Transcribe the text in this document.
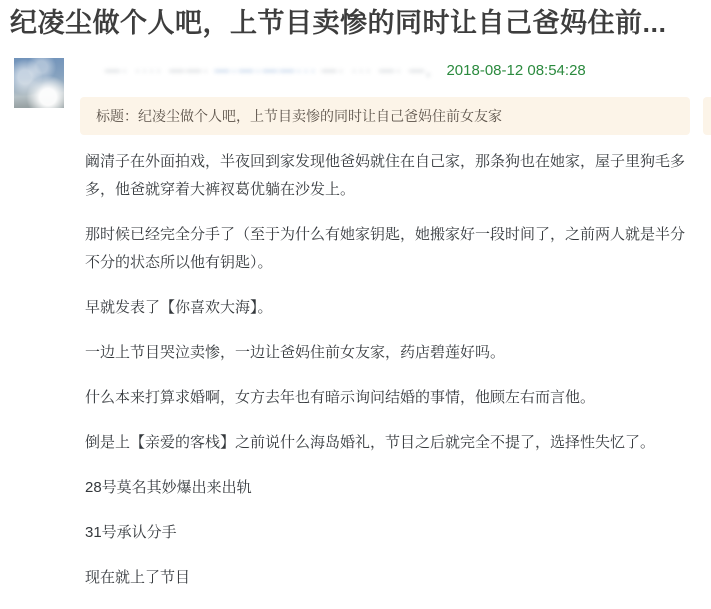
纪凌尘做个人吧，上节目卖惨的同时让自己爸妈住前...
—· ···· ——· —·—·——··· —· ··· —· —, 2018-08-12 08:54:28
标题：纪凌尘做个人吧，上节目卖惨的同时让自己爸妈住前女友家

阚清子在外面拍戏，半夜回到家发现他爸妈就住在自己家，那条狗也在她家，屋子里狗毛多多，他爸就穿着大裤衩葛优躺在沙发上。

那时候已经完全分手了（至于为什么有她家钥匙，她搬家好一段时间了，之前两人就是半分不分的状态所以他有钥匙）。

早就发表了【你喜欢大海】。

一边上节目哭泣卖惨，一边让爸妈住前女友家，药店碧莲好吗。

什么本来打算求婚啊，女方去年也有暗示询问结婚的事情，他顾左右而言他。

倒是上【亲爱的客栈】之前说什么海岛婚礼，节目之后就完全不提了，选择性失忆了。

28号莫名其妙爆出来出轨

31号承认分手

现在就上了节目
